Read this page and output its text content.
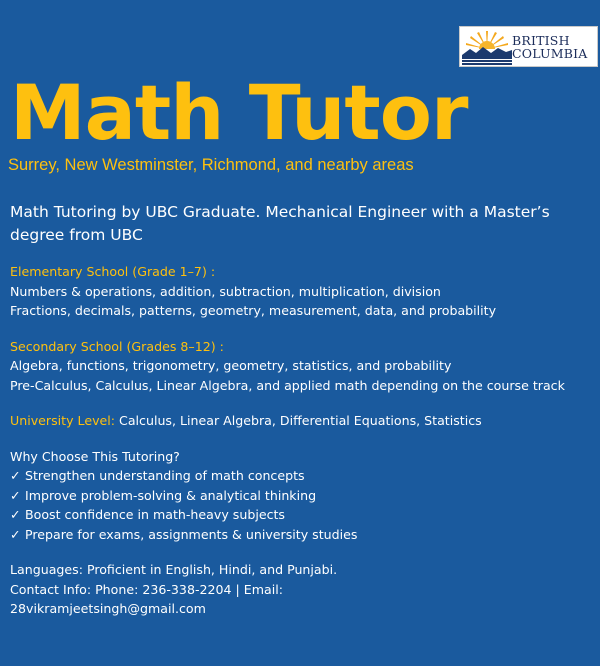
BRITISH
COLUMBIA
Math Tutor
Surrey, New Westminster, Richmond, and nearby areas

Math Tutoring by UBC Graduate. Mechanical Engineer with a Master’s degree from UBC

Elementary School (Grade 1–7) :
Numbers & operations, addition, subtraction, multiplication, division
Fractions, decimals, patterns, geometry, measurement, data, and probability
Secondary School (Grades 8–12) :
Algebra, functions, trigonometry, geometry, statistics, and probability
Pre-Calculus, Calculus, Linear Algebra, and applied math depending on the course track
University Level: Calculus, Linear Algebra, Differential Equations, Statistics
Why Choose This Tutoring?
✓ Strengthen understanding of math concepts
✓ Improve problem-solving & analytical thinking
✓ Boost confidence in math-heavy subjects
✓ Prepare for exams, assignments & university studies
Languages: Proficient in English, Hindi, and Punjabi.
Contact Info: Phone: 236-338-2204 | Email:
28vikramjeetsingh@gmail.com
